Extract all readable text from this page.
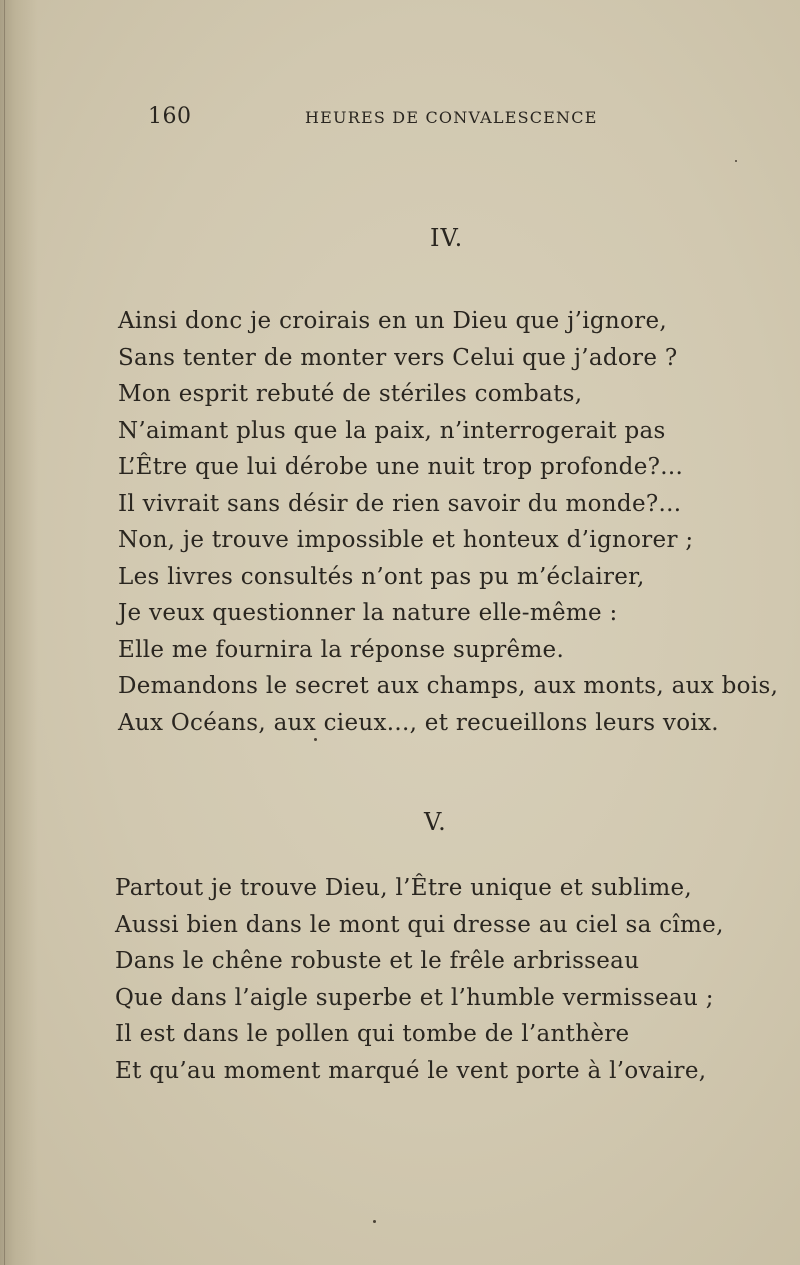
160	HEURES DE CONVALESCENCE
IV.
Ainsi donc je croirais en un Dieu que j’ignore,
Sans tenter de monter vers Celui que j’adore ?
Mon esprit rebuté de stériles combats,
N’aimant plus que la paix, n’interrogerait pas
L’Être que lui dérobe une nuit trop profonde?...
Il vivrait sans désir de rien savoir du monde?...
Non, je trouve impossible et honteux d’ignorer ;
Les livres consultés n’ont pas pu m’éclairer,
Je veux questionner la nature elle-même :
Elle me fournira la réponse suprême.
Demandons le secret aux champs, aux monts, aux bois,
Aux Océans, aux cieux..., et recueillons leurs voix.
V.
Partout je trouve Dieu, l’Être unique et sublime,
Aussi bien dans le mont qui dresse au ciel sa cîme,
Dans le chêne robuste et le frêle arbrisseau
Que dans l’aigle superbe et l’humble vermisseau ;
Il est dans le pollen qui tombe de l’anthère
Et qu’au moment marqué le vent porte à l’ovaire,
